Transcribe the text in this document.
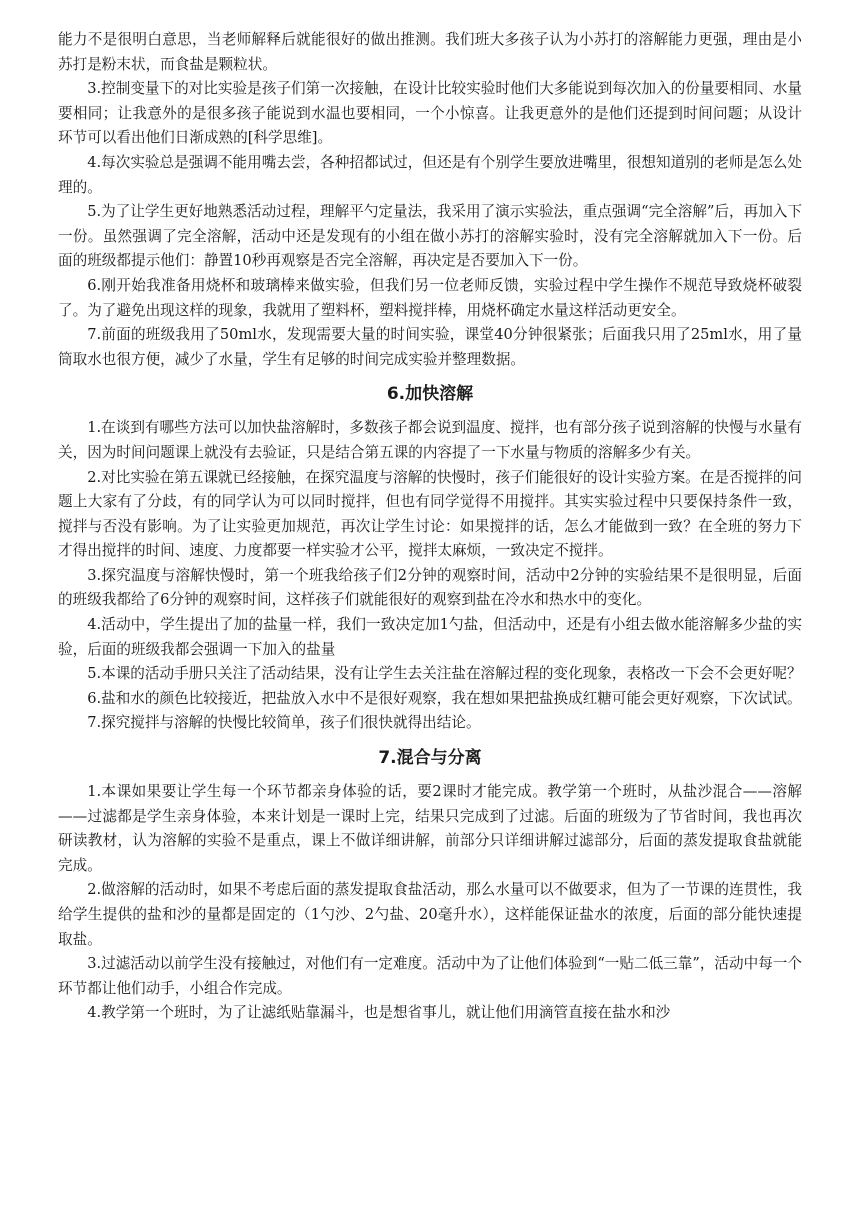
能力不是很明白意思，当老师解释后就能很好的做出推测。我们班大多孩子认为小苏打的溶解能力更强，理由是小苏打是粉末状，而食盐是颗粒状。

3.控制变量下的对比实验是孩子们第一次接触，在设计比较实验时他们大多能说到每次加入的份量要相同、水量要相同；让我意外的是很多孩子能说到水温也要相同，一个小惊喜。让我更意外的是他们还提到时间问题；从设计环节可以看出他们日渐成熟的[科学思维]。

4.每次实验总是强调不能用嘴去尝，各种招都试过，但还是有个别学生要放进嘴里，很想知道别的老师是怎么处理的。

5.为了让学生更好地熟悉活动过程，理解平勺定量法，我采用了演示实验法，重点强调“完全溶解”后，再加入下一份。虽然强调了完全溶解，活动中还是发现有的小组在做小苏打的溶解实验时，没有完全溶解就加入下一份。后面的班级都提示他们：静置10秒再观察是否完全溶解，再决定是否要加入下一份。

6.刚开始我准备用烧杯和玻璃棒来做实验，但我们另一位老师反馈，实验过程中学生操作不规范导致烧杯破裂了。为了避免出现这样的现象，我就用了塑料杯，塑料搅拌棒，用烧杯确定水量这样活动更安全。

7.前面的班级我用了50ml水，发现需要大量的时间实验，课堂40分钟很紧张；后面我只用了25ml水，用了量筒取水也很方便，减少了水量，学生有足够的时间完成实验并整理数据。

6.加快溶解

1.在谈到有哪些方法可以加快盐溶解时，多数孩子都会说到温度、搅拌，也有部分孩子说到溶解的快慢与水量有关，因为时间问题课上就没有去验证，只是结合第五课的内容提了一下水量与物质的溶解多少有关。

2.对比实验在第五课就已经接触，在探究温度与溶解的快慢时，孩子们能很好的设计实验方案。在是否搅拌的问题上大家有了分歧，有的同学认为可以同时搅拌，但也有同学觉得不用搅拌。其实实验过程中只要保持条件一致，搅拌与否没有影响。为了让实验更加规范，再次让学生讨论：如果搅拌的话，怎么才能做到一致？在全班的努力下才得出搅拌的时间、速度、力度都要一样实验才公平，搅拌太麻烦，一致决定不搅拌。

3.探究温度与溶解快慢时，第一个班我给孩子们2分钟的观察时间，活动中2分钟的实验结果不是很明显，后面的班级我都给了6分钟的观察时间，这样孩子们就能很好的观察到盐在冷水和热水中的变化。

4.活动中，学生提出了加的盐量一样，我们一致决定加1勺盐，但活动中，还是有小组去做水能溶解多少盐的实验，后面的班级我都会强调一下加入的盐量

5.本课的活动手册只关注了活动结果，没有让学生去关注盐在溶解过程的变化现象，表格改一下会不会更好呢？

6.盐和水的颜色比较接近，把盐放入水中不是很好观察，我在想如果把盐换成红糖可能会更好观察，下次试试。

7.探究搅拌与溶解的快慢比较简单，孩子们很快就得出结论。

7.混合与分离

1.本课如果要让学生每一个环节都亲身体验的话，要2课时才能完成。教学第一个班时，从盐沙混合——溶解——过滤都是学生亲身体验，本来计划是一课时上完，结果只完成到了过滤。后面的班级为了节省时间，我也再次研读教材，认为溶解的实验不是重点，课上不做详细讲解，前部分只详细讲解过滤部分，后面的蒸发提取食盐就能完成。

2.做溶解的活动时，如果不考虑后面的蒸发提取食盐活动，那么水量可以不做要求，但为了一节课的连贯性，我给学生提供的盐和沙的量都是固定的（1勺沙、2勺盐、20毫升水），这样能保证盐水的浓度，后面的部分能快速提取盐。

3.过滤活动以前学生没有接触过，对他们有一定难度。活动中为了让他们体验到“一贴二低三靠”，活动中每一个环节都让他们动手，小组合作完成。

4.教学第一个班时，为了让滤纸贴靠漏斗，也是想省事儿，就让他们用滴管直接在盐水和沙
